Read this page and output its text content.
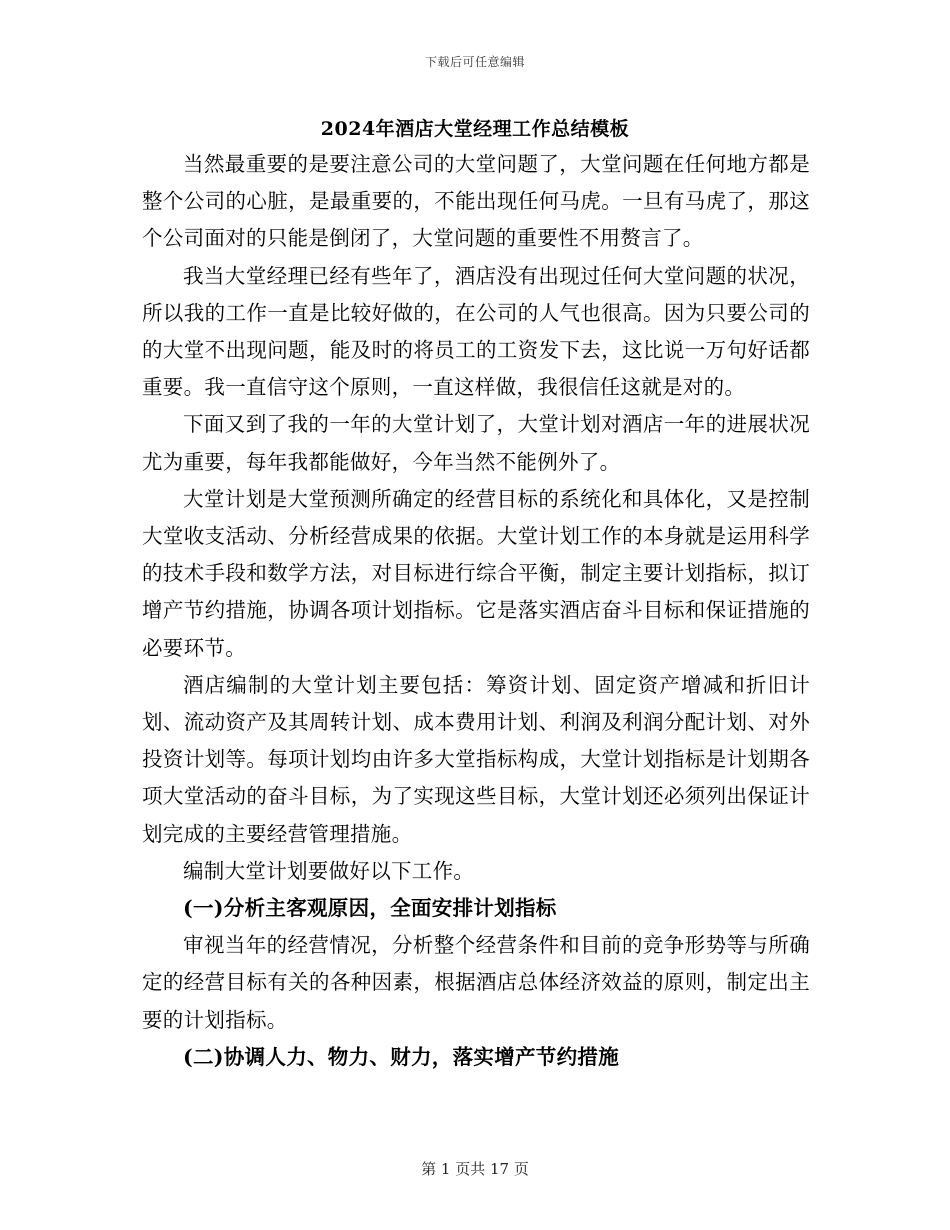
下载后可任意编辑
2024年酒店大堂经理工作总结模板

当然最重要的是要注意公司的大堂问题了，大堂问题在任何地方都是整个公司的心脏，是最重要的，不能出现任何马虎。一旦有马虎了，那这个公司面对的只能是倒闭了，大堂问题的重要性不用赘言了。

我当大堂经理已经有些年了，酒店没有出现过任何大堂问题的状况，所以我的工作一直是比较好做的，在公司的人气也很高。因为只要公司的的大堂不出现问题，能及时的将员工的工资发下去，这比说一万句好话都重要。我一直信守这个原则，一直这样做，我很信任这就是对的。

下面又到了我的一年的大堂计划了，大堂计划对酒店一年的进展状况尤为重要，每年我都能做好，今年当然不能例外了。

大堂计划是大堂预测所确定的经营目标的系统化和具体化，又是控制大堂收支活动、分析经营成果的依据。大堂计划工作的本身就是运用科学的技术手段和数学方法，对目标进行综合平衡，制定主要计划指标，拟订增产节约措施，协调各项计划指标。它是落实酒店奋斗目标和保证措施的必要环节。

酒店编制的大堂计划主要包括：筹资计划、固定资产增减和折旧计划、流动资产及其周转计划、成本费用计划、利润及利润分配计划、对外投资计划等。每项计划均由许多大堂指标构成，大堂计划指标是计划期各项大堂活动的奋斗目标，为了实现这些目标，大堂计划还必须列出保证计划完成的主要经营管理措施。

编制大堂计划要做好以下工作。

(一)分析主客观原因，全面安排计划指标

审视当年的经营情况，分析整个经营条件和目前的竞争形势等与所确定的经营目标有关的各种因素，根据酒店总体经济效益的原则，制定出主要的计划指标。

(二)协调人力、物力、财力，落实增产节约措施

第 1 页共 17 页
